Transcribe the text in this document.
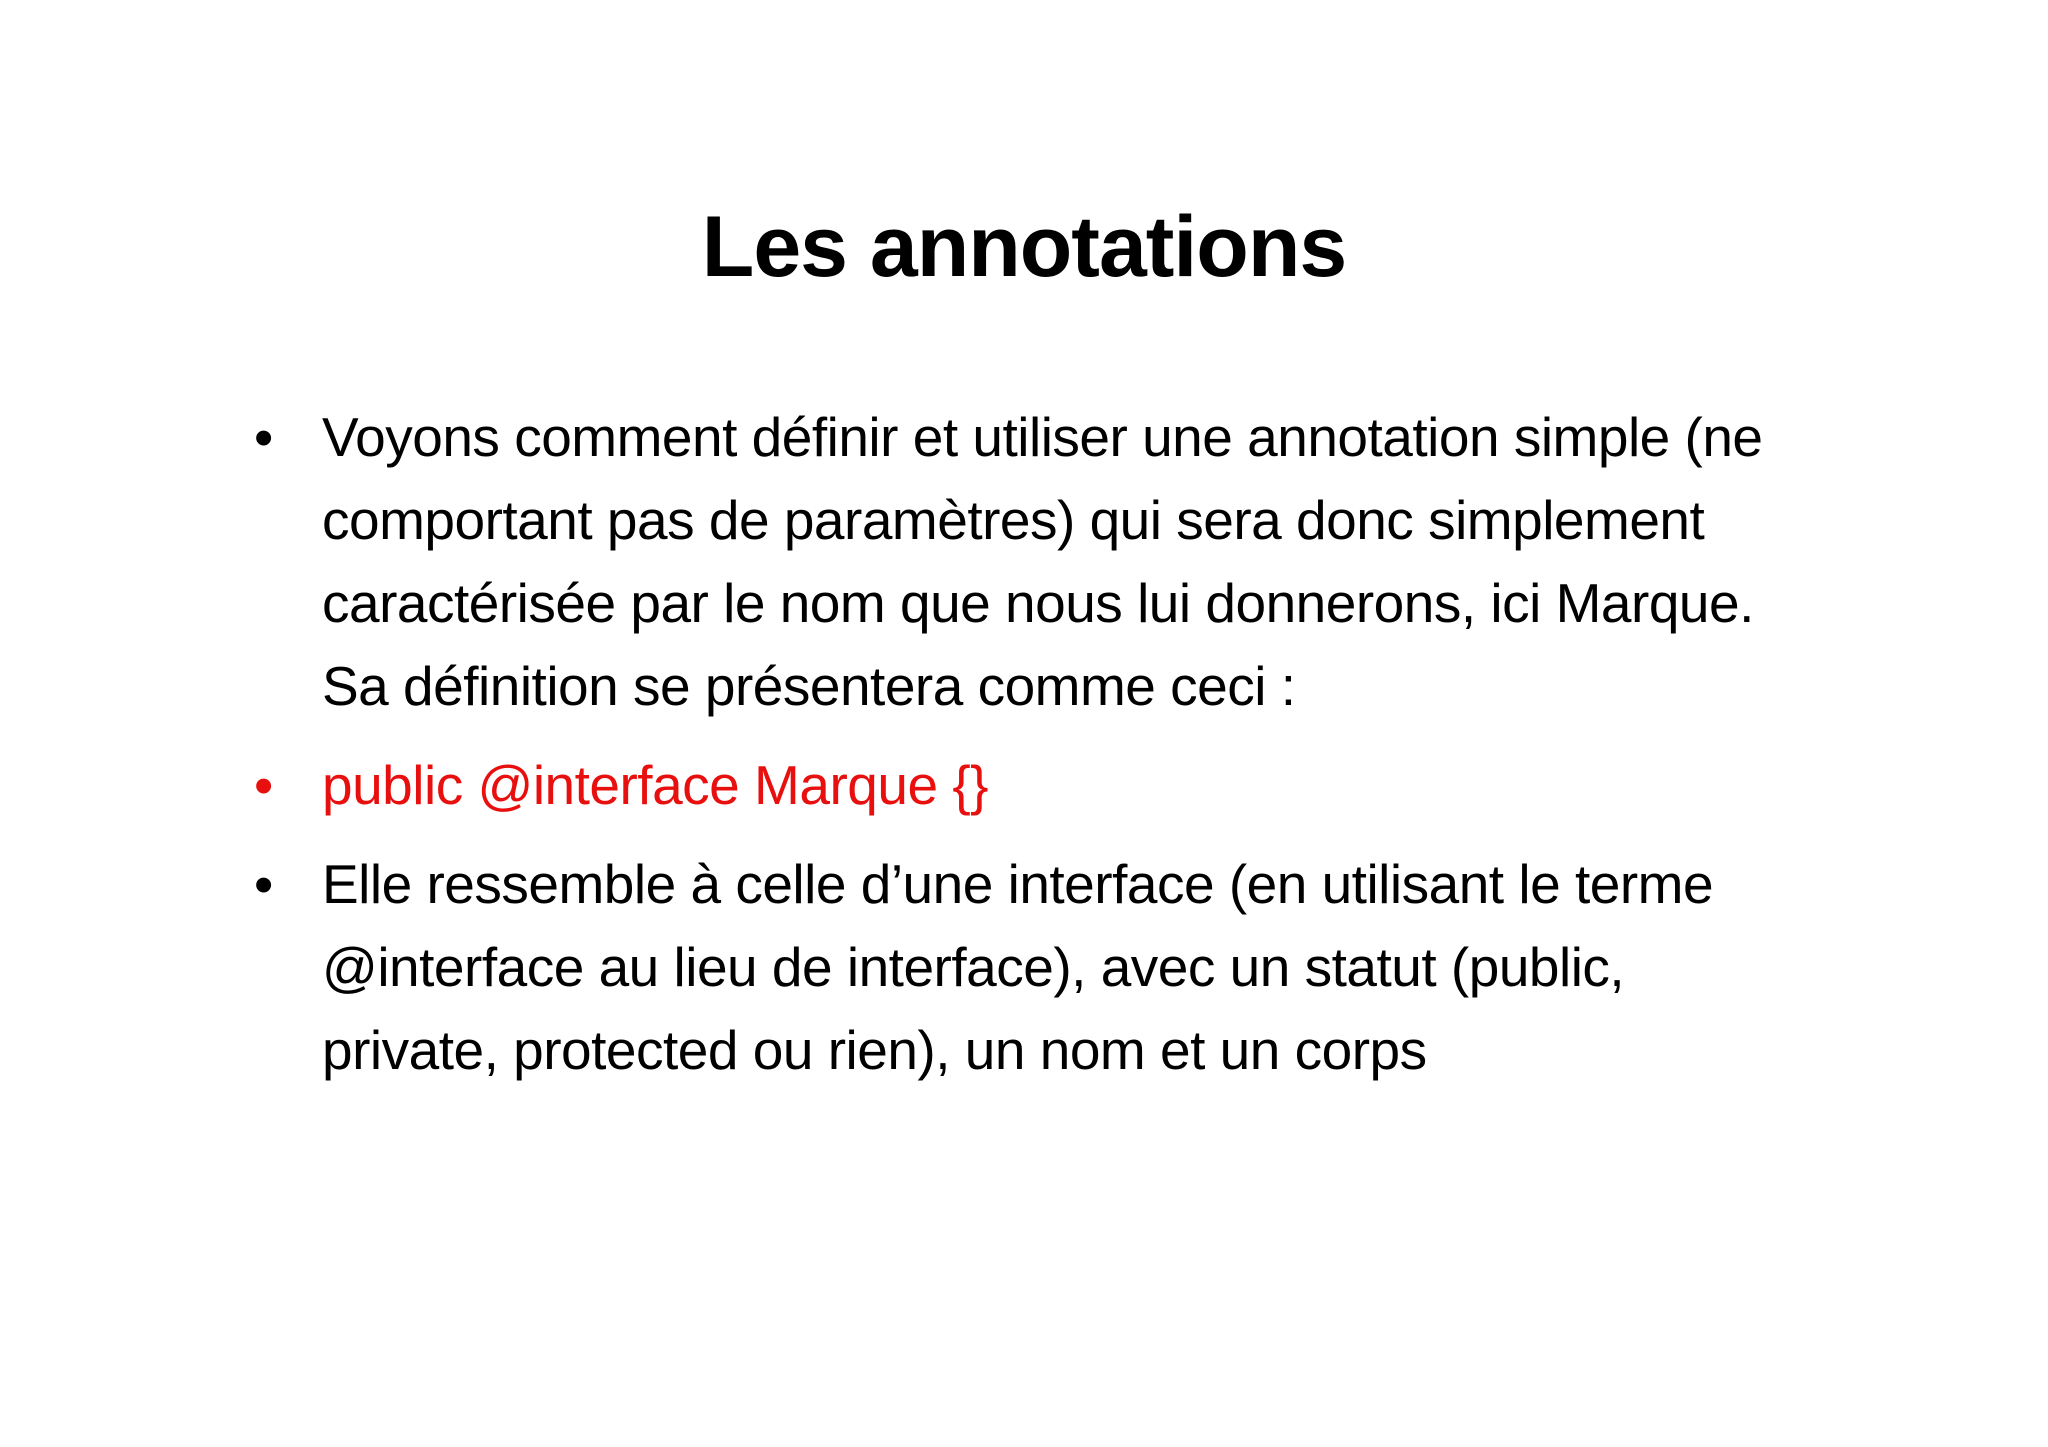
Les annotations
• Voyons comment définir et utiliser une annotation simple (ne comportant pas de paramètres) qui sera donc simplement caractérisée par le nom que nous lui donnerons, ici Marque. Sa définition se présentera comme ceci :
• public @interface Marque {}
• Elle ressemble à celle d’une interface (en utilisant le terme @interface au lieu de interface), avec un statut (public, private, protected ou rien), un nom et un corps
